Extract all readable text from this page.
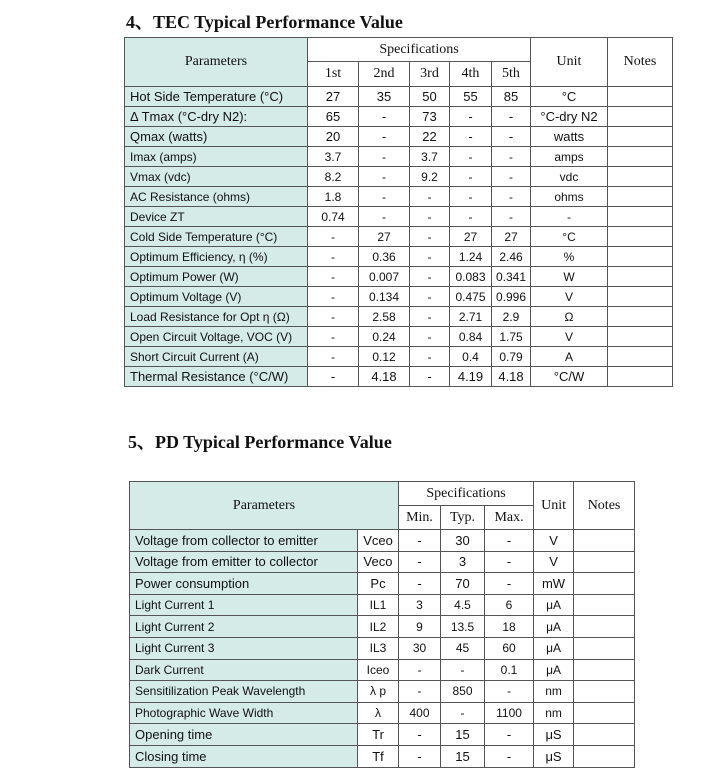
4、TEC Typical Performance Value
Parameters	Specifications					Unit	Notes
	1st	2nd	3rd	4th	5th		
Hot Side Temperature (°C)	27	35	50	55	85	°C	
Δ Tmax (°C-dry N2):	65	-	73	-	-	°C-dry N2	
Qmax (watts)	20	-	22	-	-	watts	
Imax (amps)	3.7	-	3.7	-	-	amps	
Vmax (vdc)	8.2	-	9.2	-	-	vdc	
AC Resistance (ohms)	1.8	-	-	-	-	ohms	
Device ZT	0.74	-	-	-	-	-	
Cold Side Temperature (°C)	-	27	-	27	27	°C	
Optimum Efficiency, η (%)	-	0.36	-	1.24	2.46	%	
Optimum Power (W)	-	0.007	-	0.083	0.341	W	
Optimum Voltage (V)	-	0.134	-	0.475	0.996	V	
Load Resistance for Opt η (Ω)	-	2.58	-	2.71	2.9	Ω	
Open Circuit Voltage, VOC (V)	-	0.24	-	0.84	1.75	V	
Short Circuit Current (A)	-	0.12	-	0.4	0.79	A	
Thermal Resistance (°C/W)	-	4.18	-	4.19	4.18	°C/W	
5、PD Typical Performance Value
Parameters		Specifications			Unit	Notes
		Min.	Typ.	Max.		
Voltage from collector to emitter	Vceo	-	30	-	V	
Voltage from emitter to collector	Veco	-	3	-	V	
Power consumption	Pc	-	70	-	mW	
Light Current 1	IL1	3	4.5	6	μA	
Light Current 2	IL2	9	13.5	18	μA	
Light Current 3	IL3	30	45	60	μA	
Dark Current	Iceo	-	-	0.1	μA	
Sensitilization Peak Wavelength	λ p	-	850	-	nm	
Photographic Wave Width	λ	400	-	1100	nm	
Opening time	Tr	-	15	-	μS	
Closing time	Tf	-	15	-	μS	
